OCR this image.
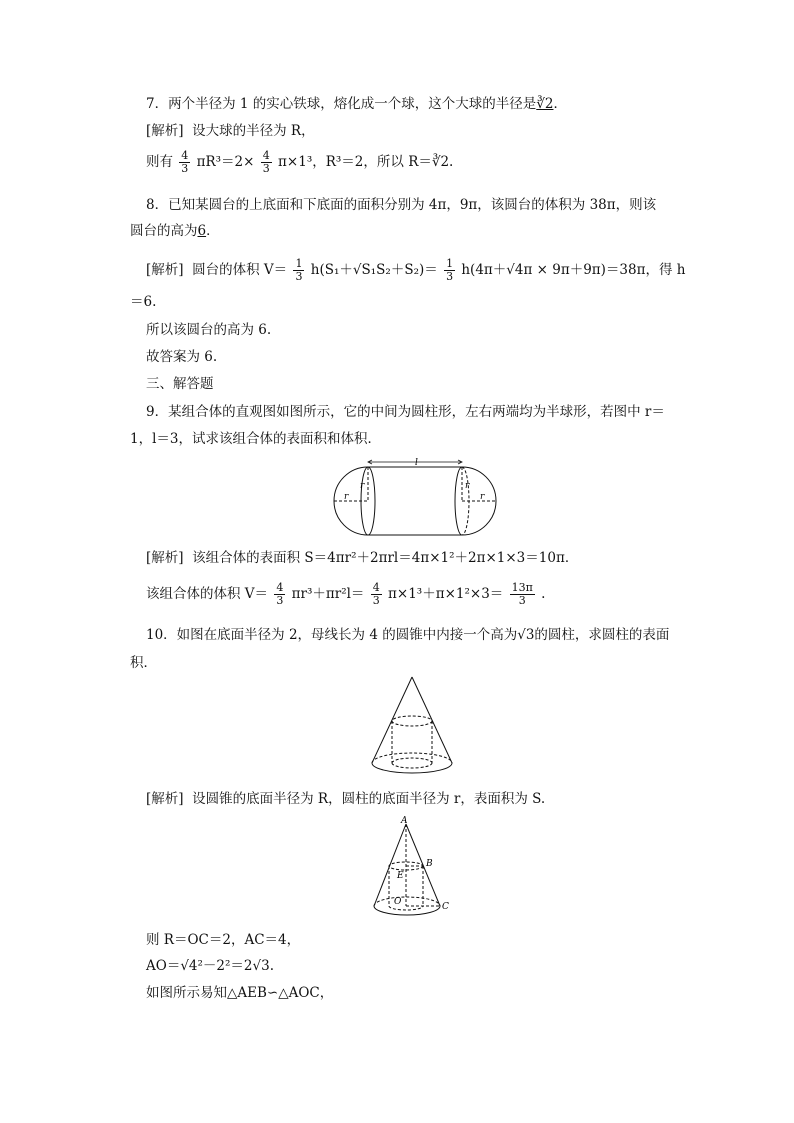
7．两个半径为 1 的实心铁球，熔化成一个球，这个大球的半径是∛2．
[解析] 设大球的半径为 R，
则有 $\frac{4}{3} \pi R^3=2\times \frac{4}{3} \pi\times 1^3$，R³＝2，所以 R＝∛2.
8．已知某圆台的上底面和下底面的面积分别为 4π，9π，该圆台的体积为 38π，则该
圆台的高为6．
[解析] 圆台的体积 $V= \frac{1}{3} h(S_1+√S_1S_2+S_2)= \frac{1}{3} h(4\pi+√4\pi \times 9\pi+9\pi)=38\pi$，得 h
＝6.
所以该圆台的高为 6.
故答案为 6.
三、解答题
9．某组合体的直观图如图所示，它的中间为圆柱形，左右两端均为半球形，若图中 r＝
1，l＝3，试求该组合体的表面积和体积．
l
r
r	r
r
[解析] 该组合体的表面积 S＝4πr²＋2πrl＝4π×1²＋2π×1×3＝10π．
该组合体的体积 $V= \frac{4}{3} \pi r^3+\pi r^2l= \frac{4}{3} \pi\times 1^3+\pi\times 1^2\times 3= \frac{13\pi}{3}$ .
10．如图在底面半径为 2，母线长为 4 的圆锥中内接一个高为√3的圆柱，求圆柱的表面
积．
[解析] 设圆锥的底面半径为 R，圆柱的底面半径为 r，表面积为 S.
A
B
E
O	C
则 R＝OC＝2，AC＝4，
AO＝√4²－2²＝2√3.
如图所示易知△AEB∽△AOC，
